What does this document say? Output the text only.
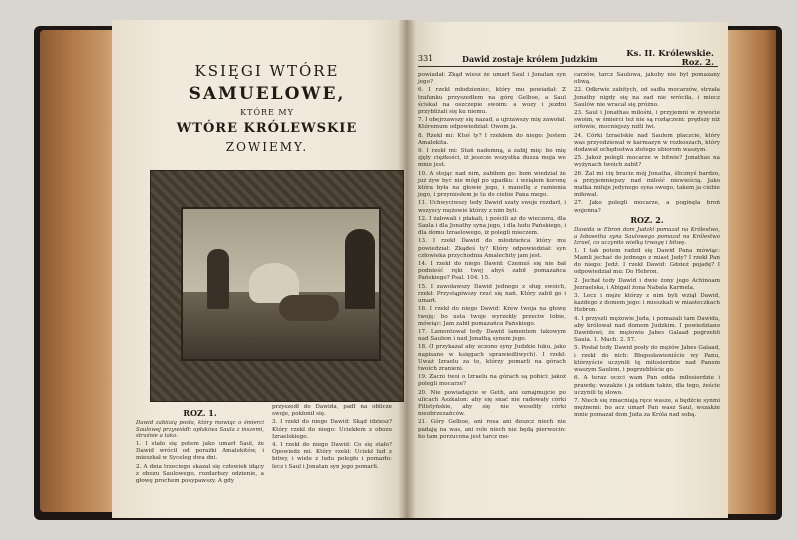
KSIĘGI WTÓRE

SAMUELOWE,

KTÓRE MY

WTÓRE KRÓLEWSKIE

ZOWIEMY.

ROZ. 1.

Dawid zabiiaią posła, który mowiąc o śmierci Saulowej przywiódł: opłakiwa Saula z inszemi, straśnie a tako.

1. I stało się potem jako umarł Saul, że Dawid wrócił od porażki Amalekitów, i mieszkał w Syceleg dwa dni.

2. A dnia trzeciego skazał się człowiek idący z obozu Saulowego, rozdarłszy odzienie, a głowę prochem posypawszy. A gdy

przyszedł do Dawida, padł na oblicze swoje, pokłonił się.

3. I rzekł do niego Dawid: Skąd idziesz? Który rzekł do niego: Uciekłem z obozu Izraelskiego.

4. I rzekł do niego Dawid: Co się stało? Opowiedz mi. Który rzekł: Uciekł lud z bitwy, i wiele z ludu poległo i pomarło: lecz i Saul i Jonatan syn jego pomarli.

331	Dawid zostaje królem Judzkim	Ks. II. Królewskie.
Roz. 2.

powiadał: Zkąd wiesz że umarł Saul i Jonatan syn jego?

6. I rzekł młodzieniec, który mu powiadał: Z trafunku przyszedłem na górę Gelboe, a Saul ściskał na oszczepie swoim: a wozy i jezdni przybliżali się ku niemu.

7. I obejrzawszy się nazad, a ujrzawszy mię zawołał. Któremum odpowiedział: Owom ja.

8. Rzekł mi: Ktoś ty? I rzekłem do niego: Jestem Amalekita.

9. I rzekł mi: Stań nademną, a zabij mię: bo mię zjęły ciężkości, iż jeszcze wszystka dusza moja we mnie jest.

10. A stojąc nad nim, zabiłem go: bom wiedział że już żyw być nie mógł po upadku: i wziąłem koronę która była na głowie jego, i manellę z ramienia jego, i przyniosłem je tu do ciebie Pana mego.

11. Uchwyciwszy tedy Dawid szaty swoje rozdarł, i wszyscy mężowie którzy z nim byli.

12. I żałowali i płakali, i pościli aż do wieczora, dla Saula i dla Jonathy syna jego, i dla ludu Pańskiego, i dla domu Izraelowego, iż polegli mieczem.

13. I rzekł Dawid do młodzieńca który mu powiedział: Zkądeś ty? Który odpowiedział: syn człowieka przychodnia Amalechity jam jest.

14. I rzekł do niego Dawid: Czemuś się nie bał podnieść ręki twej abyś zabił pomazańca Pańskiego? Psal. 104. 15.

15. I zawoławszy Dawid jednego z sług swoich, rzekł: Przystąpiwszy rzuć się nań. Który zabił go i umarł.

16. I rzekł do niego Dawid: Krew twoja na głowę twoję: bo usta twoje wyrzekły przeciw tobie, mówiąc: Jam zabił pomazańca Pańskiego.

17. Lamentował tedy Dawid lamentem takowym nad Saulem i nad Jonathą synem jego.

18. (I przykazał aby uczono syny Judzkie łuku, jako napisano w księgach sprawiedliwych). I rzekł: Uważ Izraelu za te, którzy pomarli na górach twoich zranieni.

19. Zacni twoi o Izraelu na górach są pobici: jakoż polegli mocarze?

20. Nie powiadajcie w Geth, ani oznajmujcie po ulicach Aszkalon: aby się snać nie radowały córki Filistyńskie, aby się nie weseliły córki nieobrzezańców.

21. Góry Gelboe, ani rosa ani deszcz niech nie padają na was, ani role niech nie będą pierwocin: bo tam porzucona jest tarcz mo-

carzów, tarcz Saulowa, jakoby nie był pomazany oliwą.

22. Odkrwie zabitych, od sadła mocarzów, strzała Jonathy nigdy się na zad nie wróciła, i miecz Saulów nie wracał się próżno.

23. Saul i Jonathas miłośni, i przyjemni w żywocie swoim, w śmierci też nie są rozłączeni: prędszy niż orłowie, mocniejszy niźli lwi.

24. Córki Izraelskie nad Saulem płaczcie, który was przyodziewał w karmazyn w rozkoszach, który dodawał ochędostwa złotego ubiorom waszym.

25. Jakoż polegli mocarze w bitwie? Jonathas na wyżynach twoich zabit?

26. Żal mi cię bracie mój Jonatha, ślicznyś bardzo, a przyjemniejszy nad miłość niewieścią. Jako matka miłuje jedynego syna swego, takem ja ciebie miłował.

27. Jako polegli mocarze, a poginęła broń wojenna?

ROZ. 2.

Dawida w Ebron dom Judzki pomazał na Królestwo, a Isbosetha syna Saulowego pomazał na Królestwo Izrael, co uczyniło wielką trwogę i bitwę.

1. I tak potem radził się Dawid Pana mówiąc: Mamli jechać do jednego z miast Judy? I rzekł Pan do niego: Jedź. I rzekł Dawid: Gdzież pojadę? I odpowiedział mu: Do Hebron.

2. Jechał tedy Dawid i dwie żony jego Achinoam Jezraelska, i Abigail żona Nabala Karmela.

3. Lecz i męże którzy z nim byli wziął Dawid, każdego z domem jego: i mieszkali w miasteczkach Hebron.

4. I przyszli mężowie Juda, i pomazali tam Dawida, aby królował nad domem Judzkim. I powiedziano Dawidowi, że mężowie Jabes Galaad pogrzebli Saula. 1. Mach. 2. 57.

5. Posłał tedy Dawid posły do mężów Jabes Galaad, i rzekł do nich: Błogosławieniście wy Panu, którzyście uczynili tę miłosierdzie nad Panem waszym Saulem, i pogrzebliście go.

6. A teraz oczci wam Pan odda miłosierdzie i prawdę: wszakże i ja oddam także, dla tego, żeście uczynili tę słowo.

7. Niech się zmacniają ręce wasze, a będźcie synmi mężnemi: bo acz umarł Pan wasz Saul, wszakże mnie pomazał dom Juda za Króla nad sobą.
